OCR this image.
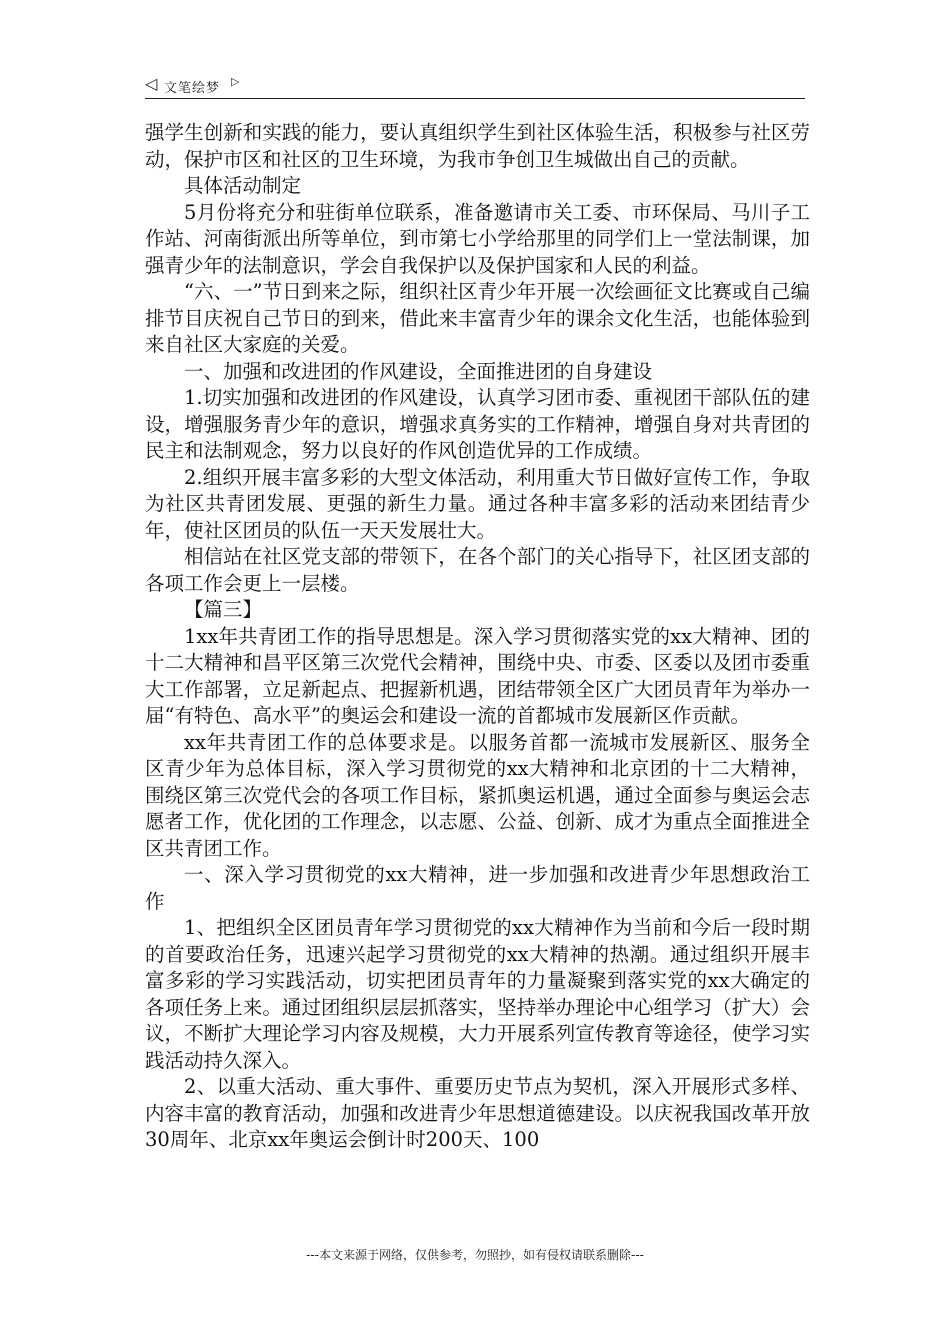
◁ 文笔绘梦 ▷

强学生创新和实践的能力，要认真组织学生到社区体验生活，积极参与社区劳动，保护市区和社区的卫生环境，为我市争创卫生城做出自己的贡献。

具体活动制定

5月份将充分和驻街单位联系，准备邀请市关工委、市环保局、马川子工作站、河南街派出所等单位，到市第七小学给那里的同学们上一堂法制课，加强青少年的法制意识，学会自我保护以及保护国家和人民的利益。

“六、一”节日到来之际，组织社区青少年开展一次绘画征文比赛或自己编排节目庆祝自己节日的到来，借此来丰富青少年的课余文化生活，也能体验到来自社区大家庭的关爱。

一、加强和改进团的作风建设，全面推进团的自身建设

1.切实加强和改进团的作风建设，认真学习团市委、重视团干部队伍的建设，增强服务青少年的意识，增强求真务实的工作精神，增强自身对共青团的民主和法制观念，努力以良好的作风创造优异的工作成绩。

2.组织开展丰富多彩的大型文体活动，利用重大节日做好宣传工作，争取为社区共青团发展、更强的新生力量。通过各种丰富多彩的活动来团结青少年，使社区团员的队伍一天天发展壮大。

相信站在社区党支部的带领下，在各个部门的关心指导下，社区团支部的各项工作会更上一层楼。

【篇三】

1xx年共青团工作的指导思想是。深入学习贯彻落实党的xx大精神、团的十二大精神和昌平区第三次党代会精神，围绕中央、市委、区委以及团市委重大工作部署，立足新起点、把握新机遇，团结带领全区广大团员青年为举办一届“有特色、高水平”的奥运会和建设一流的首都城市发展新区作贡献。

xx年共青团工作的总体要求是。以服务首都一流城市发展新区、服务全区青少年为总体目标，深入学习贯彻党的xx大精神和北京团的十二大精神，围绕区第三次党代会的各项工作目标，紧抓奥运机遇，通过全面参与奥运会志愿者工作，优化团的工作理念，以志愿、公益、创新、成才为重点全面推进全区共青团工作。

一、深入学习贯彻党的xx大精神，进一步加强和改进青少年思想政治工作

1、把组织全区团员青年学习贯彻党的xx大精神作为当前和今后一段时期的首要政治任务，迅速兴起学习贯彻党的xx大精神的热潮。通过组织开展丰富多彩的学习实践活动，切实把团员青年的力量凝聚到落实党的xx大确定的各项任务上来。通过团组织层层抓落实，坚持举办理论中心组学习（扩大）会议，不断扩大理论学习内容及规模，大力开展系列宣传教育等途径，使学习实践活动持久深入。

2、以重大活动、重大事件、重要历史节点为契机，深入开展形式多样、内容丰富的教育活动，加强和改进青少年思想道德建设。以庆祝我国改革开放30周年、北京xx年奥运会倒计时200天、100

---本文来源于网络，仅供参考，勿照抄，如有侵权请联系删除---
